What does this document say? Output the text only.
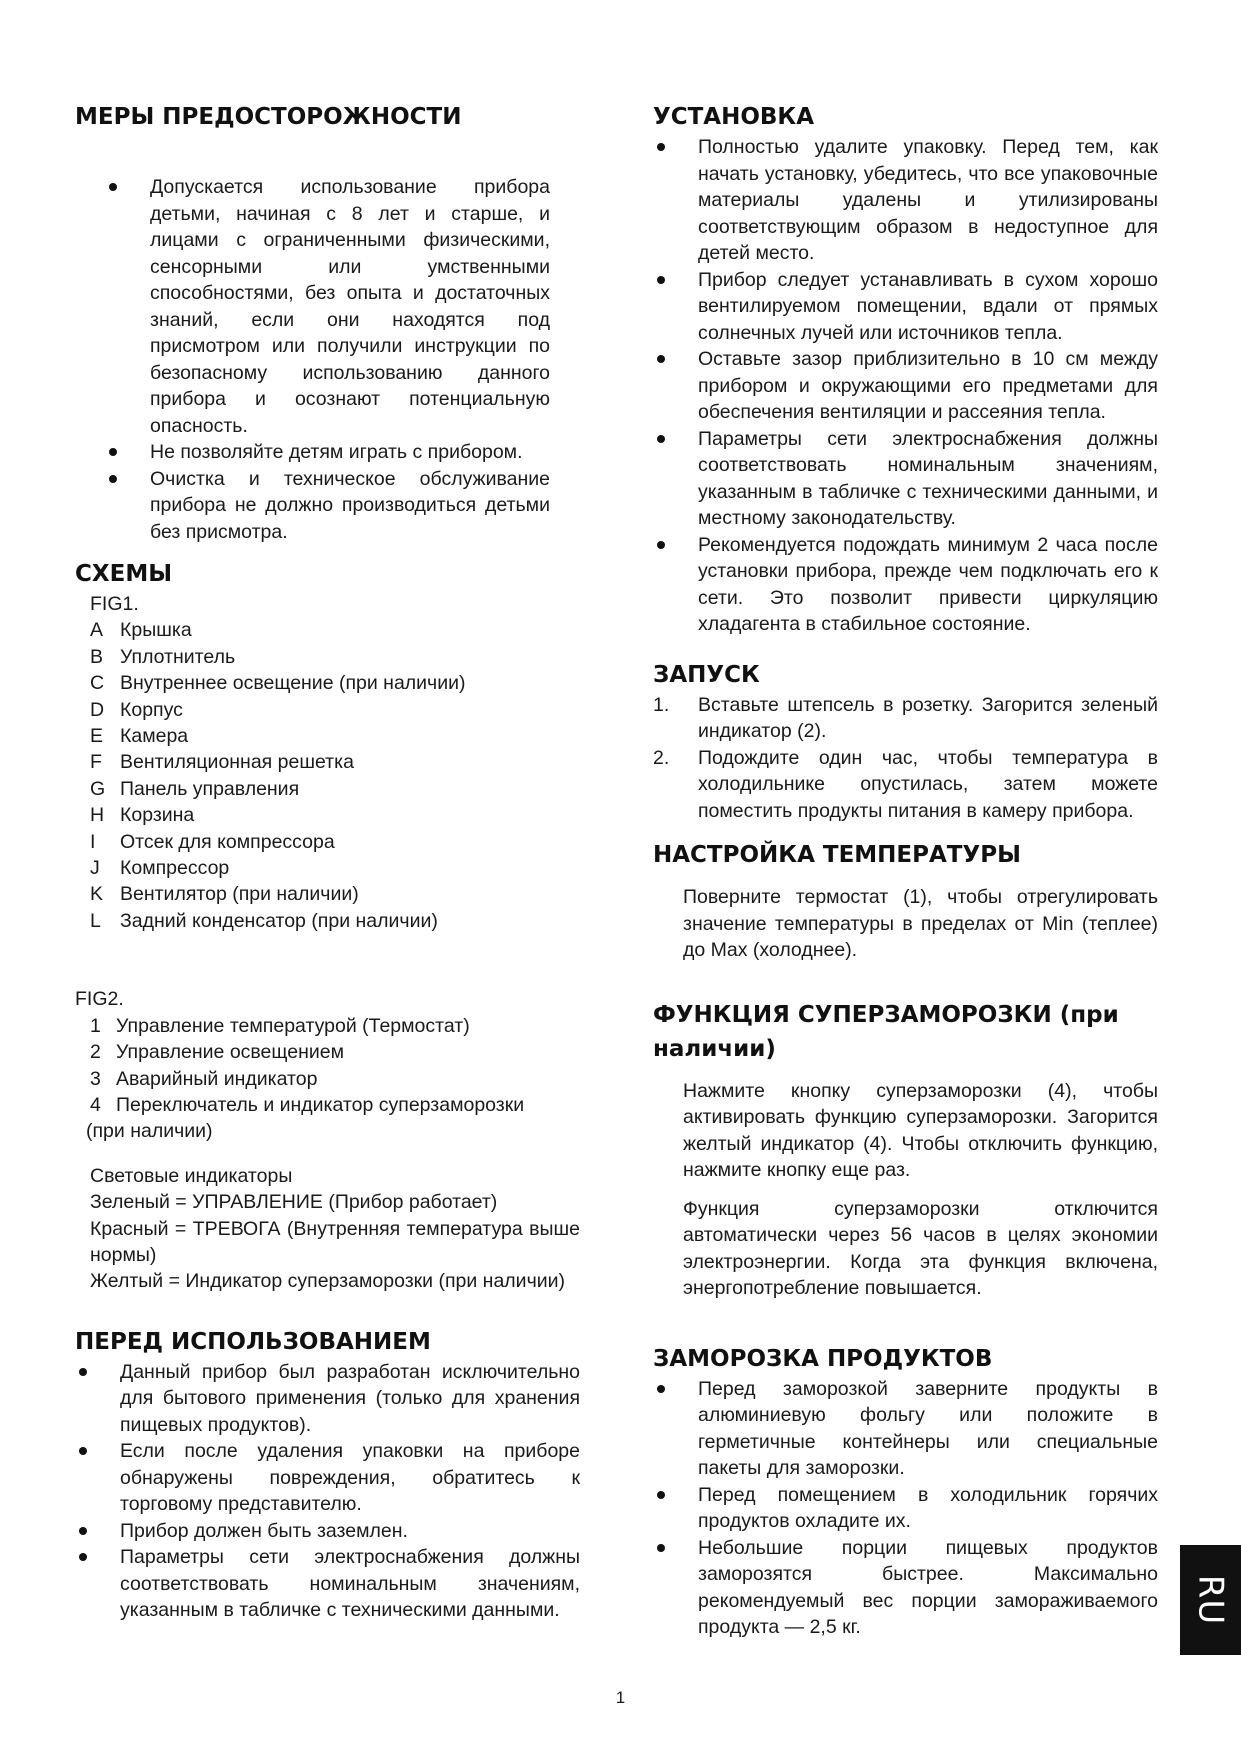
МЕРЫ ПРЕДОСТОРОЖНОСТИ
Допускается использование прибора детьми, начиная с 8 лет и старше, и лицами с ограниченными физическими, сенсорными или умственными способностями, без опыта и достаточных знаний, если они находятся под присмотром или получили инструкции по безопасному использованию данного прибора и осознают потенциальную опасность.
Не позволяйте детям играть с прибором.
Очистка и техническое обслуживание прибора не должно производиться детьми без присмотра.
СХЕМЫ
FIG1.
A Крышка
B Уплотнитель
C Внутреннее освещение (при наличии)
D Корпус
E Камера
F Вентиляционная решетка
G Панель управления
H Корзина
I	Отсек для компрессора
J	Компрессор
K Вентилятор (при наличии)
L Задний конденсатор (при наличии)
FIG2.
1 Управление температурой (Термостат)
2 Управление освещением
3 Аварийный индикатор
4 Переключатель и индикатор суперзаморозки
(при наличии)
Световые индикаторы
Зеленый = УПРАВЛЕНИЕ (Прибор работает)
Красный = ТРЕВОГА (Внутренняя температура выше нормы)
Желтый = Индикатор суперзаморозки (при наличии)
ПЕРЕД ИСПОЛЬЗОВАНИЕМ
Данный прибор был разработан исключительно для бытового применения (только для хранения пищевых продуктов).
Если после удаления упаковки на приборе обнаружены повреждения, обратитесь к торговому представителю.
Прибор должен быть заземлен.
Параметры сети электроснабжения должны соответствовать номинальным значениям, указанным в табличке с техническими данными.
УСТАНОВКА
Полностью удалите упаковку. Перед тем, как начать установку, убедитесь, что все упаковочные материалы удалены и утилизированы соответствующим образом в недоступное для детей место.
Прибор следует устанавливать в сухом хорошо вентилируемом помещении, вдали от прямых солнечных лучей или источников тепла.
Оставьте зазор приблизительно в 10 см между прибором и окружающими его предметами для обеспечения вентиляции и рассеяния тепла.
Параметры сети электроснабжения должны соответствовать номинальным значениям, указанным в табличке с техническими данными, и местному законодательству.
Рекомендуется подождать минимум 2 часа после установки прибора, прежде чем подключать его к сети. Это позволит привести циркуляцию хладагента в стабильное состояние.
ЗАПУСК
1. Вставьте штепсель в розетку. Загорится зеленый индикатор (2).
2. Подождите один час, чтобы температура в холодильнике опустилась, затем можете поместить продукты питания в камеру прибора.
НАСТРОЙКА ТЕМПЕРАТУРЫ

Поверните термостат (1), чтобы отрегулировать значение температуры в пределах от Min (теплее) до Max (холоднее).

ФУНКЦИЯ СУПЕРЗАМОРОЗКИ (при
наличии)

Нажмите кнопку суперзаморозки (4), чтобы активировать функцию суперзаморозки. Загорится желтый индикатор (4). Чтобы отключить функцию, нажмите кнопку еще раз.

Функция суперзаморозки отключится автоматически через 56 часов в целях экономии электроэнергии. Когда эта функция включена, энергопотребление повышается.

ЗАМОРОЗКА ПРОДУКТОВ
Перед заморозкой заверните продукты в алюминиевую фольгу или положите в герметичные контейнеры или специальные пакеты для заморозки.
Перед помещением в холодильник горячих продуктов охладите их.
Небольшие порции пищевых продуктов заморозятся быстрее. Максимально рекомендуемый вес порции замораживаемого продукта — 2,5 кг.
RU
1
